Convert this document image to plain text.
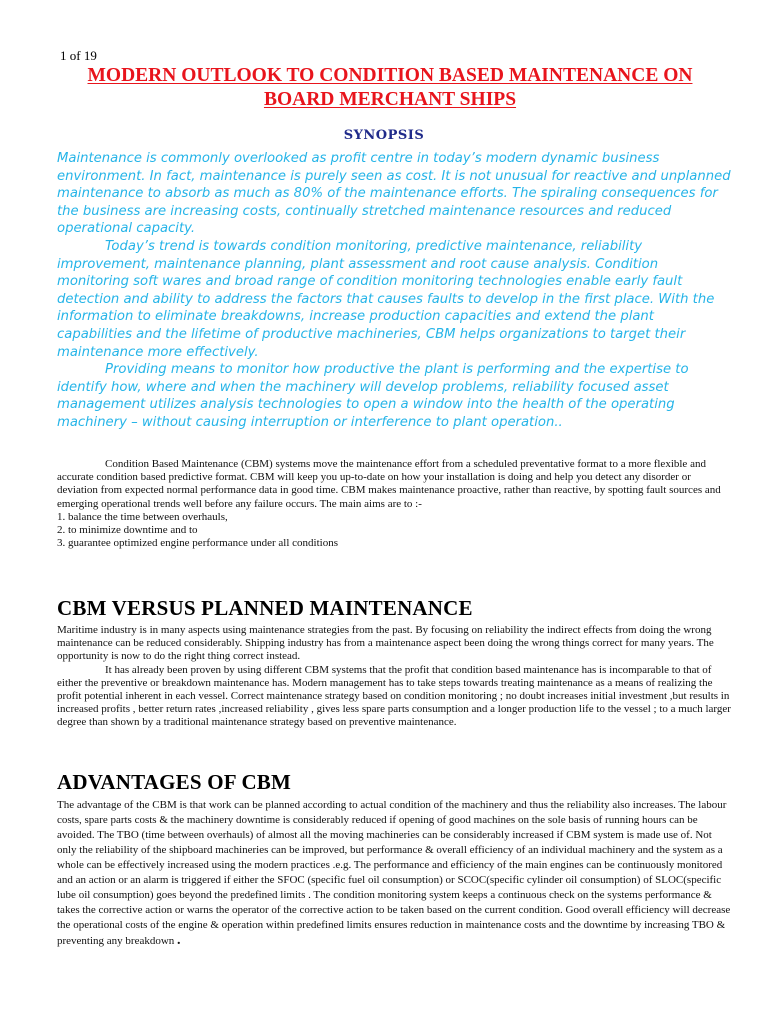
1 of 19
MODERN OUTLOOK TO CONDITION BASED MAINTENANCE ON BOARD MERCHANT SHIPS
SYNOPSIS

Maintenance is commonly overlooked as profit centre in today’s modern dynamic business environment. In fact, maintenance is purely seen as cost. It is not unusual for reactive and unplanned maintenance to absorb as much as 80% of the maintenance efforts. The spiraling consequences for the business are increasing costs, continually stretched maintenance resources and reduced operational capacity.

Today’s trend is towards condition monitoring, predictive maintenance, reliability improvement, maintenance planning, plant assessment and root cause analysis. Condition monitoring soft wares and broad range of condition monitoring technologies enable early fault detection and ability to address the factors that causes faults to develop in the first place. With the information to eliminate breakdowns, increase production capacities and extend the plant capabilities and the lifetime of productive machineries, CBM helps organizations to target their maintenance more effectively.

Providing means to monitor how productive the plant is performing and the expertise to identify how, where and when the machinery will develop problems, reliability focused asset management utilizes analysis technologies to open a window into the health of the operating machinery – without causing interruption or interference to plant operation..

Condition Based Maintenance (CBM) systems move the maintenance effort from a scheduled preventative format to a more flexible and accurate condition based predictive format. CBM will keep you up-to-date on how your installation is doing and help you detect any disorder or deviation from expected normal performance data in good time. CBM makes maintenance proactive, rather than reactive, by spotting fault sources and emerging operational trends well before any failure occurs. The main aims are to :-

1. balance the time between overhauls,

2. to minimize downtime and to

3. guarantee optimized engine performance under all conditions

CBM VERSUS PLANNED MAINTENANCE

Maritime industry is in many aspects using maintenance strategies from the past. By focusing on reliability the indirect effects from doing the wrong maintenance can be reduced considerably. Shipping industry has from a maintenance aspect been doing the wrong things correct for many years. The opportunity is now to do the right thing correct instead.

It has already been proven by using different CBM systems that the profit that condition based maintenance has is incomparable to that of either the preventive or breakdown maintenance has. Modern management has to take steps towards treating maintenance as a means of realizing the profit potential inherent in each vessel. Correct maintenance strategy based on condition monitoring ; no doubt increases initial investment ,but results in increased profits , better return rates ,increased reliability , gives less spare parts consumption and a longer production life to the vessel ; to a much larger degree than shown by a traditional maintenance strategy based on preventive maintenance.

ADVANTAGES OF CBM

The advantage of the CBM is that work can be planned according to actual condition of the machinery and thus the reliability also increases. The labour costs, spare parts costs & the machinery downtime is considerably reduced if opening of good machines on the sole basis of running hours can be avoided. The TBO (time between overhauls) of almost all the moving machineries can be considerably increased if CBM system is made use of. Not only the reliability of the shipboard machineries can be improved, but performance & overall efficiency of an individual machinery and the system as a whole can be effectively increased using the modern practices .e.g. The performance and efficiency of the main engines can be continuously monitored and an action or an alarm is triggered if either the SFOC (specific fuel oil consumption) or SCOC(specific cylinder oil consumption) of SLOC(specific lube oil consumption) goes beyond the predefined limits . The condition monitoring system keeps a continuous check on the systems performance & takes the corrective action or warns the operator of the corrective action to be taken based on the current condition. Good overall efficiency will decrease the operational costs of the engine & operation within predefined limits ensures reduction in maintenance costs and the downtime by increasing TBO & preventing any breakdown .
